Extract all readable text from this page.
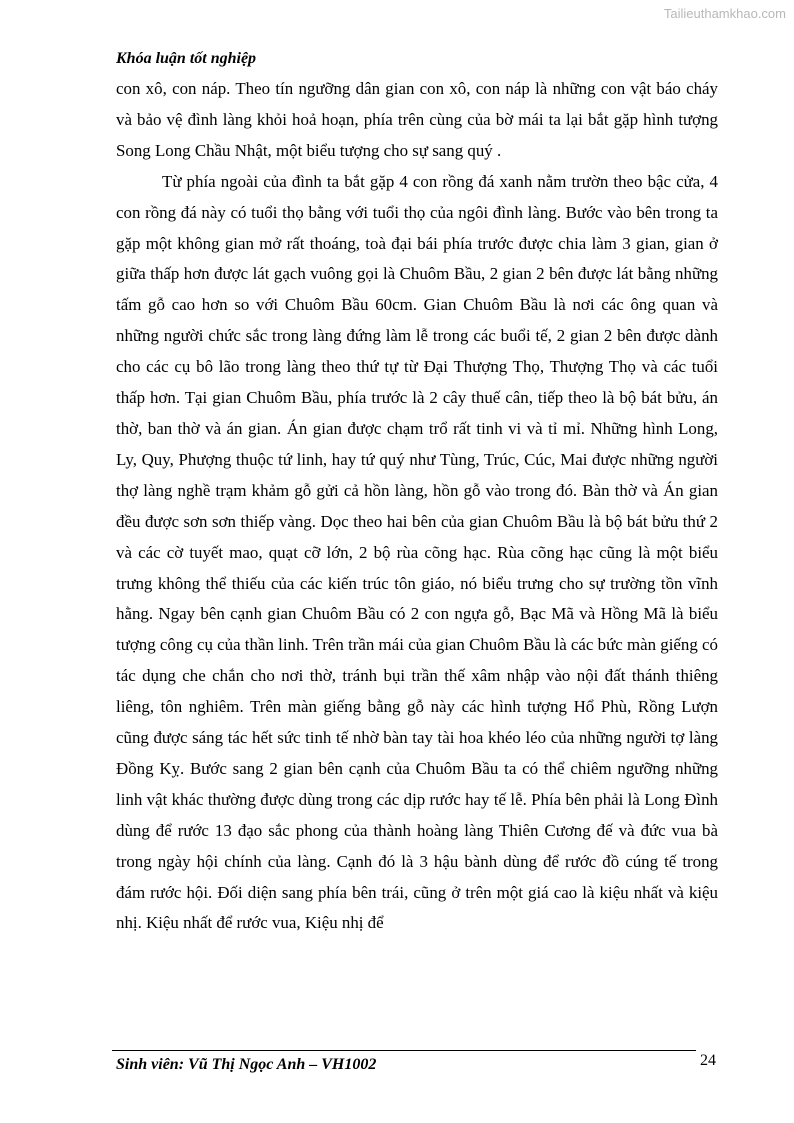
Tailieuthamkhao.com
Khóa luận tốt nghiệp

con xô, con náp. Theo tín ngưỡng dân gian con xô, con náp là những con vật báo cháy và bảo vệ đình làng khỏi hoả hoạn, phía trên cùng của bờ mái ta lại bắt gặp hình tượng Song Long Chầu Nhật, một biểu tượng cho sự sang quý .

Từ phía ngoài của đình ta bắt gặp 4 con rồng đá xanh nằm trườn theo bậc cửa, 4 con rồng đá này có tuổi thọ bằng với tuổi thọ của ngôi đình làng. Bước vào bên trong ta gặp một không gian mở rất thoáng, toà đại bái phía trước được chia làm 3 gian, gian ở giữa thấp hơn được lát gạch vuông gọi là Chuôm Bầu, 2 gian 2 bên được lát bằng những tấm gỗ cao hơn so với Chuôm Bầu 60cm. Gian Chuôm Bầu là nơi các ông quan và những người chức sắc trong làng đứng làm lễ trong các buổi tế, 2 gian 2 bên được dành cho các cụ bô lão trong làng theo thứ tự từ Đại Thượng Thọ, Thượng Thọ và các tuổi thấp hơn. Tại gian Chuôm Bầu, phía trước là 2 cây thuế cân, tiếp theo là bộ bát bửu, án thờ, ban thờ và án gian. Án gian được chạm trổ rất tinh vi và tỉ mỉ. Những hình Long, Ly, Quy, Phượng thuộc tứ linh, hay tứ quý như Tùng, Trúc, Cúc, Mai được những người thợ làng nghề trạm khảm gỗ gửi cả hồn làng, hồn gỗ vào trong đó. Bàn thờ và Án gian đều được sơn sơn thiếp vàng. Dọc theo hai bên của gian Chuôm Bầu là bộ bát bửu thứ 2 và các cờ tuyết mao, quạt cỡ lớn, 2 bộ rùa cõng hạc. Rùa cõng hạc cũng là một biểu trưng không thể thiếu của các kiến trúc tôn giáo, nó biểu trưng cho sự trường tồn vĩnh hằng. Ngay bên cạnh gian Chuôm Bầu có 2 con ngựa gỗ, Bạc Mã và Hồng Mã là biểu tượng công cụ của thần linh. Trên trần mái của gian Chuôm Bầu là các bức màn giếng có tác dụng che chắn cho nơi thờ, tránh bụi trần thế xâm nhập vào nội đất thánh thiêng liêng, tôn nghiêm. Trên màn giếng bằng gỗ này các hình tượng Hổ Phù, Rồng Lượn cũng được sáng tác hết sức tinh tế nhờ bàn tay tài hoa khéo léo của những người tợ làng Đồng Kỵ. Bước sang 2 gian bên cạnh của Chuôm Bầu ta có thể chiêm ngưỡng những linh vật khác thường được dùng trong các dịp rước hay tế lễ. Phía bên phải là Long Đình dùng để rước 13 đạo sắc phong của thành hoàng làng Thiên Cương đế và đức vua bà trong ngày hội chính của làng. Cạnh đó là 3 hậu bành dùng để rước đồ cúng tế trong đám rước hội. Đối diện sang phía bên trái, cũng ở trên một giá cao là kiệu nhất và kiệu nhị. Kiệu nhất để rước vua, Kiệu nhị để

Sinh viên: Vũ Thị Ngọc Anh – VH1002	24
